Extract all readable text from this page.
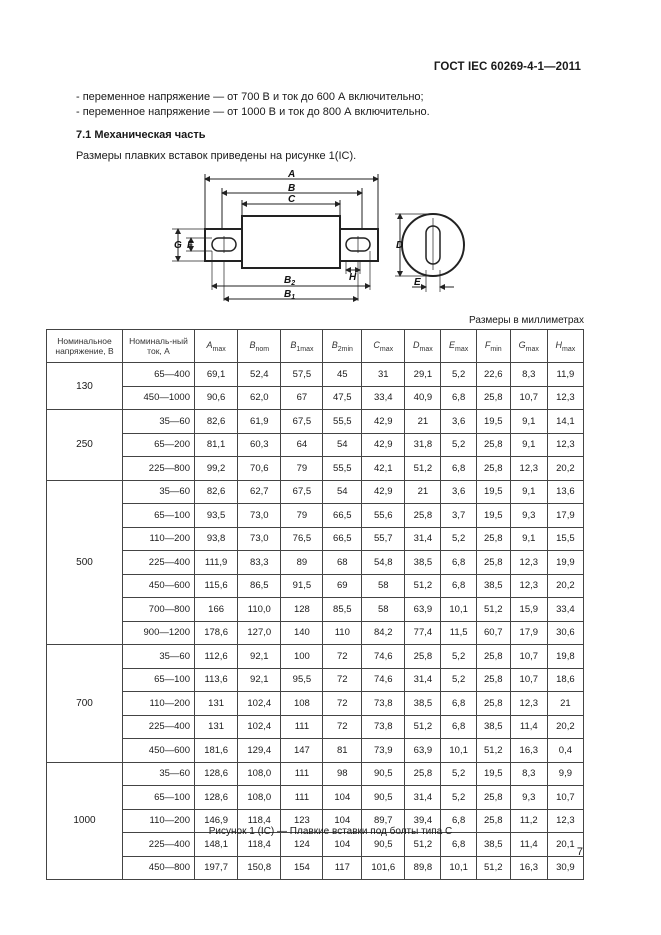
ГОСТ IEC 60269-4-1—2011
- переменное напряжение — от 700 В и ток до 600 А включительно;
- переменное напряжение — от 1000 В и ток до 800 А включительно.
7.1 Механическая часть
Размеры плавких вставок приведены на рисунке 1(IC).
A
B
C
G F
H
D
E
$B_2$
$B_1$
Размеры в миллиметрах
Номинальное напряжение, В	Номиналь-ный ток, А	$A_{max}$	$B_{nom}$	$B_{1max}$	$B_{2min}$	$C_{max}$	$D_{max}$	$E_{max}$	$F_{min}$	$G_{max}$	$H_{max}$
130	65—400	69,1	52,4	57,5	45	31	29,1	5,2	22,6	8,3	11,9
	450—1000	90,6	62,0	67	47,5	33,4	40,9	6,8	25,8	10,7	12,3
250	35—60	82,6	61,9	67,5	55,5	42,9	21	3,6	19,5	9,1	14,1
	65—200	81,1	60,3	64	54	42,9	31,8	5,2	25,8	9,1	12,3
	225—800	99,2	70,6	79	55,5	42,1	51,2	6,8	25,8	12,3	20,2
500	35—60	82,6	62,7	67,5	54	42,9	21	3,6	19,5	9,1	13,6
	65—100	93,5	73,0	79	66,5	55,6	25,8	3,7	19,5	9,3	17,9
	110—200	93,8	73,0	76,5	66,5	55,7	31,4	5,2	25,8	9,1	15,5
	225—400	111,9	83,3	89	68	54,8	38,5	6,8	25,8	12,3	19,9
	450—600	115,6	86,5	91,5	69	58	51,2	6,8	38,5	12,3	20,2
	700—800	166	110,0	128	85,5	58	63,9	10,1	51,2	15,9	33,4
	900—1200	178,6	127,0	140	110	84,2	77,4	11,5	60,7	17,9	30,6
700	35—60	112,6	92,1	100	72	74,6	25,8	5,2	25,8	10,7	19,8
	65—100	113,6	92,1	95,5	72	74,6	31,4	5,2	25,8	10,7	18,6
	110—200	131	102,4	108	72	73,8	38,5	6,8	25,8	12,3	21
	225—400	131	102,4	111	72	73,8	51,2	6,8	38,5	11,4	20,2
	450—600	181,6	129,4	147	81	73,9	63,9	10,1	51,2	16,3	0,4
1000	35—60	128,6	108,0	111	98	90,5	25,8	5,2	19,5	8,3	9,9
	65—100	128,6	108,0	111	104	90,5	31,4	5,2	25,8	9,3	10,7
	110—200	146,9	118,4	123	104	89,7	39,4	6,8	25,8	11,2	12,3
	225—400	148,1	118,4	124	104	90,5	51,2	6,8	38,5	11,4	20,1
	450—800	197,7	150,8	154	117	101,6	89,8	10,1	51,2	16,3	30,9
Рисунок 1 (IC) — Плавкие вставки под болты типа С
7
